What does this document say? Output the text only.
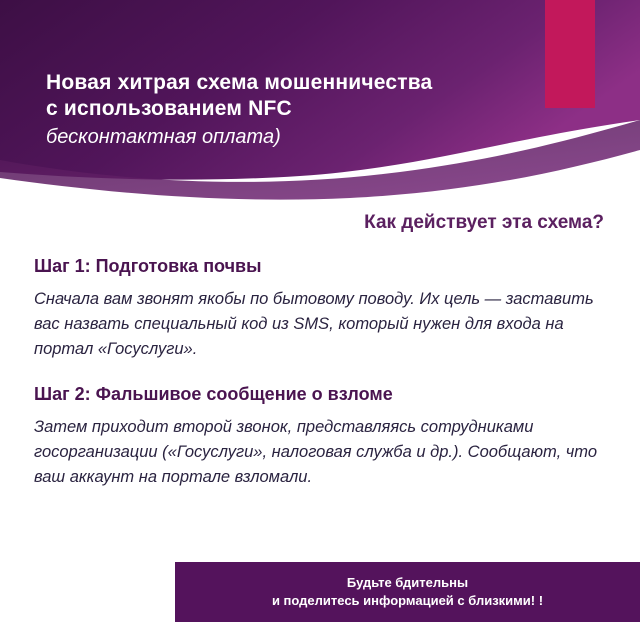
Новая хитрая схема мошенничества
с использованием NFC
бесконтактная оплата)
Как действует эта схема?
Шаг 1: Подготовка почвы

Сначала вам звонят якобы по бытовому поводу. Их цель — заставить вас назвать специальный код из SMS, который нужен для входа на портал «Госуслуги».

Шаг 2: Фальшивое сообщение о взломе

Затем приходит второй звонок, представляясь сотрудниками госорганизации («Госуслуги», налоговая служба и др.). Сообщают, что ваш аккаунт на портале взломали.

Будьте бдительны
и поделитесь информацией с близкими! !
